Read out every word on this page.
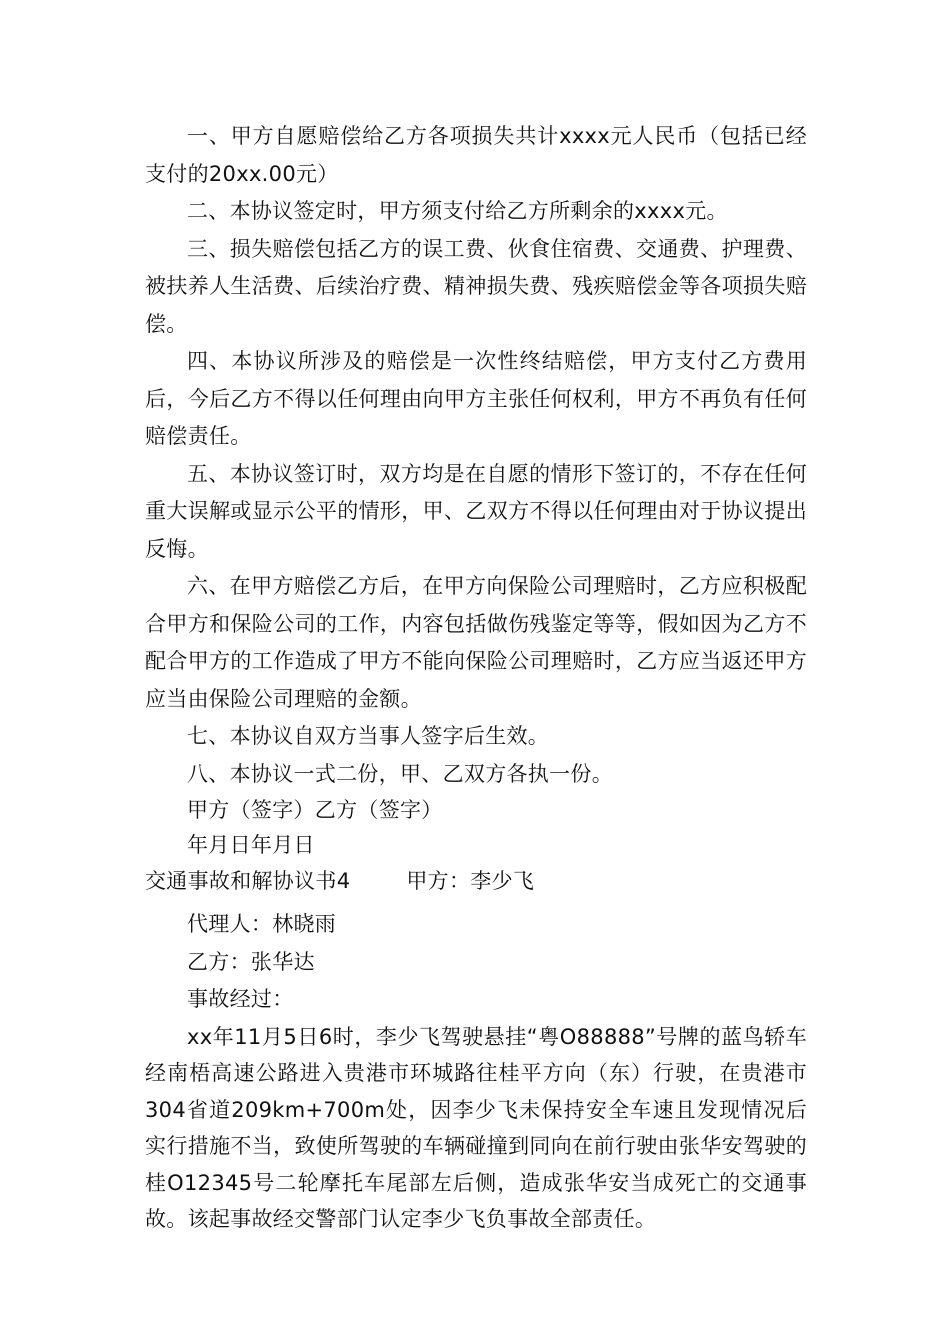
一、甲方自愿赔偿给乙方各项损失共计xxxx元人民币（包括已经支付的20xx.00元）

二、本协议签定时，甲方须支付给乙方所剩余的xxxx元。

三、损失赔偿包括乙方的误工费、伙食住宿费、交通费、护理费、被扶养人生活费、后续治疗费、精神损失费、残疾赔偿金等各项损失赔偿。

四、本协议所涉及的赔偿是一次性终结赔偿，甲方支付乙方费用后，今后乙方不得以任何理由向甲方主张任何权利，甲方不再负有任何赔偿责任。

五、本协议签订时，双方均是在自愿的情形下签订的，不存在任何重大误解或显示公平的情形，甲、乙双方不得以任何理由对于协议提出反悔。

六、在甲方赔偿乙方后，在甲方向保险公司理赔时，乙方应积极配合甲方和保险公司的工作，内容包括做伤残鉴定等等，假如因为乙方不配合甲方的工作造成了甲方不能向保险公司理赔时，乙方应当返还甲方应当由保险公司理赔的金额。

七、本协议自双方当事人签字后生效。

八、本协议一式二份，甲、乙双方各执一份。

甲方（签字）乙方（签字）

年月日年月日

交通事故和解协议书4	甲方：李少飞

代理人：林晓雨

乙方：张华达

事故经过：

xx年11月5日6时，李少飞驾驶悬挂“粤O88888”号牌的蓝鸟轿车经南梧高速公路进入贵港市环城路往桂平方向（东）行驶，在贵港市304省道209km+700m处，因李少飞未保持安全车速且发现情况后实行措施不当，致使所驾驶的车辆碰撞到同向在前行驶由张华安驾驶的桂O12345号二轮摩托车尾部左后侧，造成张华安当成死亡的交通事故。该起事故经交警部门认定李少飞负事故全部责任。
